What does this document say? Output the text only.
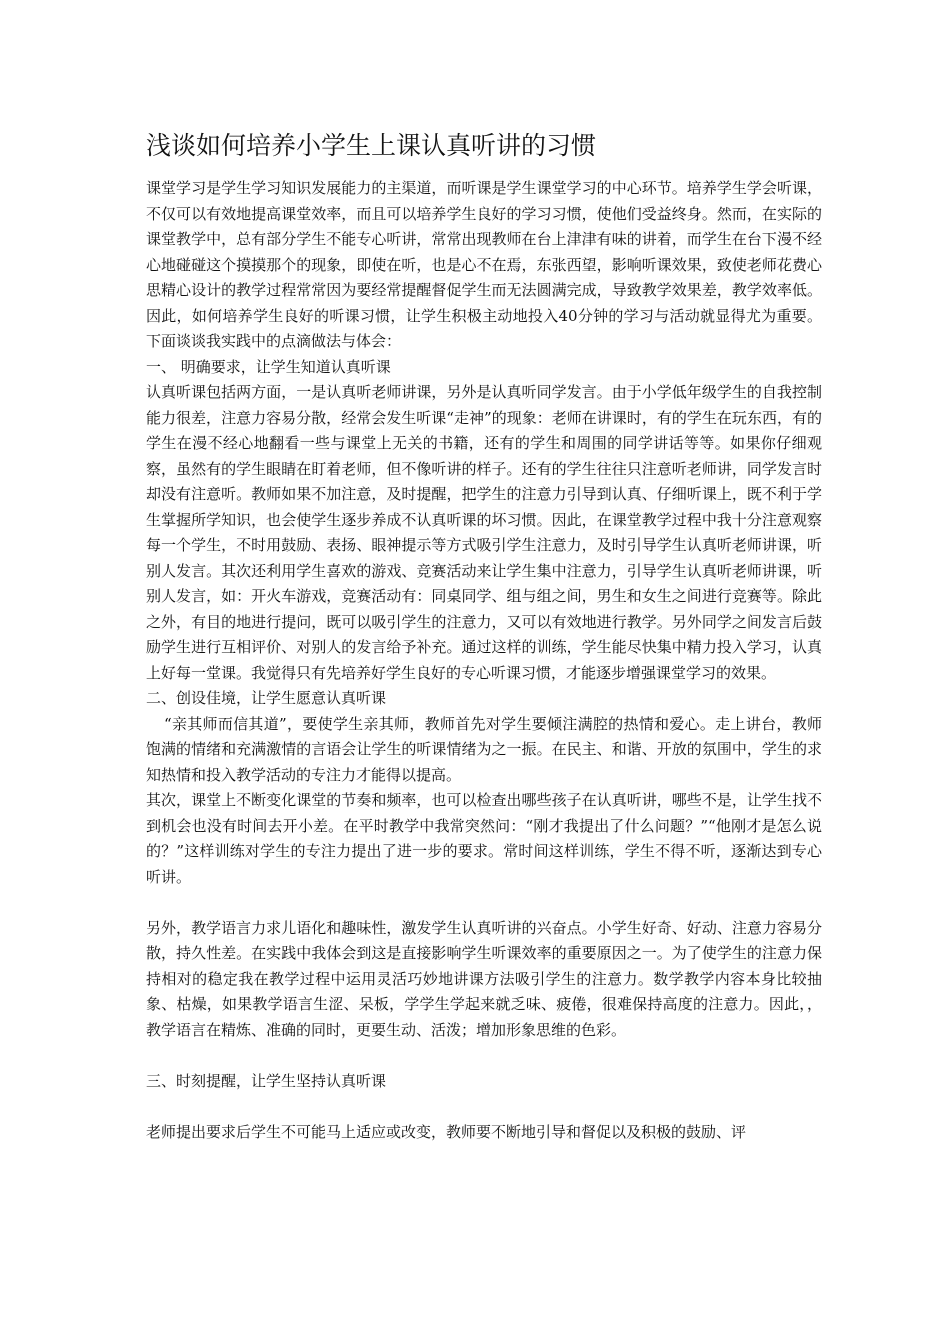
浅谈如何培养小学生上课认真听讲的习惯

课堂学习是学生学习知识发展能力的主渠道，而听课是学生课堂学习的中心环节。培养学生学会听课，不仅可以有效地提高课堂效率，而且可以培养学生良好的学习习惯，使他们受益终身。然而，在实际的课堂教学中，总有部分学生不能专心听讲，常常出现教师在台上津津有味的讲着，而学生在台下漫不经心地碰碰这个摸摸那个的现象，即使在听，也是心不在焉，东张西望，影响听课效果，致使老师花费心思精心设计的教学过程常常因为要经常提醒督促学生而无法圆满完成，导致教学效果差，教学效率低。因此，如何培养学生良好的听课习惯，让学生积极主动地投入40分钟的学习与活动就显得尤为重要。下面谈谈我实践中的点滴做法与体会：

一、 明确要求，让学生知道认真听课

认真听课包括两方面，一是认真听老师讲课，另外是认真听同学发言。由于小学低年级学生的自我控制能力很差，注意力容易分散，经常会发生听课“走神”的现象：老师在讲课时，有的学生在玩东西，有的学生在漫不经心地翻看一些与课堂上无关的书籍，还有的学生和周围的同学讲话等等。如果你仔细观察，虽然有的学生眼睛在盯着老师，但不像听讲的样子。还有的学生往往只注意听老师讲，同学发言时却没有注意听。教师如果不加注意，及时提醒，把学生的注意力引导到认真、仔细听课上，既不利于学生掌握所学知识，也会使学生逐步养成不认真听课的坏习惯。因此，在课堂教学过程中我十分注意观察每一个学生，不时用鼓励、表扬、眼神提示等方式吸引学生注意力，及时引导学生认真听老师讲课，听别人发言。其次还利用学生喜欢的游戏、竞赛活动来让学生集中注意力，引导学生认真听老师讲课，听别人发言，如：开火车游戏，竞赛活动有：同桌同学、组与组之间，男生和女生之间进行竞赛等。除此之外，有目的地进行提问，既可以吸引学生的注意力，又可以有效地进行教学。另外同学之间发言后鼓励学生进行互相评价、对别人的发言给予补充。通过这样的训练，学生能尽快集中精力投入学习，认真上好每一堂课。我觉得只有先培养好学生良好的专心听课习惯，才能逐步增强课堂学习的效果。

二、创设佳境，让学生愿意认真听课

“亲其师而信其道”，要使学生亲其师，教师首先对学生要倾注满腔的热情和爱心。走上讲台，教师饱满的情绪和充满激情的言语会让学生的听课情绪为之一振。在民主、和谐、开放的氛围中，学生的求知热情和投入教学活动的专注力才能得以提高。

其次，课堂上不断变化课堂的节奏和频率，也可以检查出哪些孩子在认真听讲，哪些不是，让学生找不到机会也没有时间去开小差。在平时教学中我常突然问：“刚才我提出了什么问题？”“他刚才是怎么说的？”这样训练对学生的专注力提出了进一步的要求。常时间这样训练，学生不得不听，逐渐达到专心听讲。

另外，教学语言力求儿语化和趣味性，激发学生认真听讲的兴奋点。小学生好奇、好动、注意力容易分散，持久性差。在实践中我体会到这是直接影响学生听课效率的重要原因之一。为了使学生的注意力保持相对的稳定我在教学过程中运用灵活巧妙地讲课方法吸引学生的注意力。数学教学内容本身比较抽象、枯燥，如果教学语言生涩、呆板，学学生学起来就乏味、疲倦，很难保持高度的注意力。因此，，教学语言在精炼、准确的同时，更要生动、活泼；增加形象思维的色彩。

三、时刻提醒，让学生坚持认真听课

老师提出要求后学生不可能马上适应或改变，教师要不断地引导和督促以及积极的鼓励、评
